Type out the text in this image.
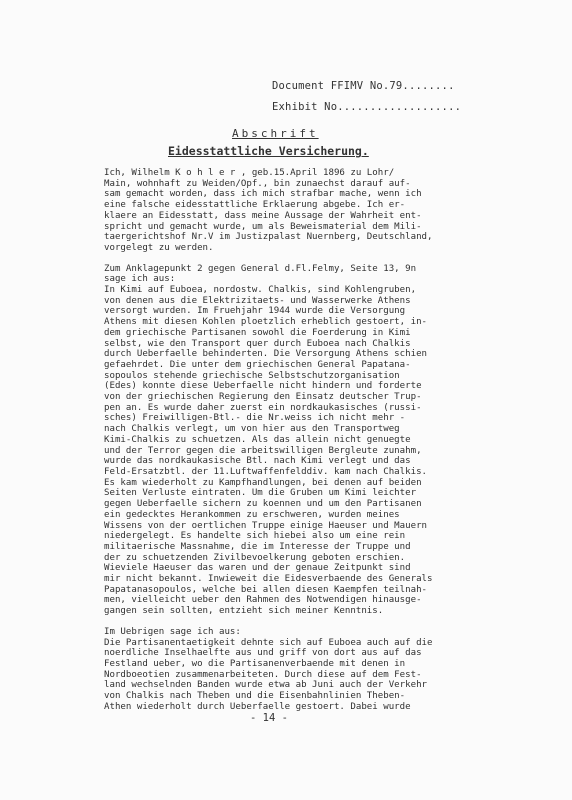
Document FFIMV No.79........
Exhibit No...................
Abschrift
Eidesstattliche Versicherung.
Ich, Wilhelm K o h l e r , geb.15.April 1896 zu Lohr/
Main, wohnhaft zu Weiden/Opf., bin zunaechst darauf auf-
sam gemacht worden, dass ich mich strafbar mache, wenn ich
eine falsche eidesstattliche Erklaerung abgebe. Ich er-
klaere an Eidesstatt, dass meine Aussage der Wahrheit ent-
spricht und gemacht wurde, um als Beweismaterial dem Mili-
taergerichtshof Nr.V im Justizpalast Nuernberg, Deutschland,
vorgelegt zu werden.
Zum Anklagepunkt 2 gegen General d.Fl.Felmy, Seite 13, 9n
sage ich aus:
In Kimi auf Euboea, nordostw. Chalkis, sind Kohlengruben,
von denen aus die Elektrizitaets- und Wasserwerke Athens
versorgt wurden. Im Fruehjahr 1944 wurde die Versorgung
Athens mit diesen Kohlen ploetzlich erheblich gestoert, in-
dem griechische Partisanen sowohl die Foerderung in Kimi
selbst, wie den Transport quer durch Euboea nach Chalkis
durch Ueberfaelle behinderten. Die Versorgung Athens schien
gefaehrdet. Die unter dem griechischen General Papatana-
sopoulos stehende griechische Selbstschutzorganisation
(Edes) konnte diese Ueberfaelle nicht hindern und forderte
von der griechischen Regierung den Einsatz deutscher Trup-
pen an. Es wurde daher zuerst ein nordkaukasisches (russi-
sches) Freiwilligen-Btl.- die Nr.weiss ich nicht mehr -
nach Chalkis verlegt, um von hier aus den Transportweg
Kimi-Chalkis zu schuetzen. Als das allein nicht genuegte
und der Terror gegen die arbeitswilligen Bergleute zunahm,
wurde das nordkaukasische Btl. nach Kimi verlegt und das
Feld-Ersatzbtl. der 11.Luftwaffenfelddiv. kam nach Chalkis.
Es kam wiederholt zu Kampfhandlungen, bei denen auf beiden
Seiten Verluste eintraten. Um die Gruben um Kimi leichter
gegen Ueberfaelle sichern zu koennen und um den Partisanen
ein gedecktes Herankommen zu erschweren, wurden meines
Wissens von der oertlichen Truppe einige Haeuser und Mauern
niedergelegt. Es handelte sich hiebei also um eine rein
militaerische Massnahme, die im Interesse der Truppe und
der zu schuetzenden Zivilbevoelkerung geboten erschien.
Wieviele Haeuser das waren und der genaue Zeitpunkt sind
mir nicht bekannt. Inwieweit die Eidesverbaende des Generals
Papatanasopoulos, welche bei allen diesen Kaempfen teilnah-
men, vielleicht ueber den Rahmen des Notwendigen hinausge-
gangen sein sollten, entzieht sich meiner Kenntnis.
Im Uebrigen sage ich aus:
Die Partisanentaetigkeit dehnte sich auf Euboea auch auf die
noerdliche Inselhaelfte aus und griff von dort aus auf das
Festland ueber, wo die Partisanenverbaende mit denen in
Nordboeotien zusammenarbeiteten. Durch diese auf dem Fest-
land wechselnden Banden wurde etwa ab Juni auch der Verkehr
von Chalkis nach Theben und die Eisenbahnlinien Theben-
Athen wiederholt durch Ueberfaelle gestoert. Dabei wurde
- 14 -
